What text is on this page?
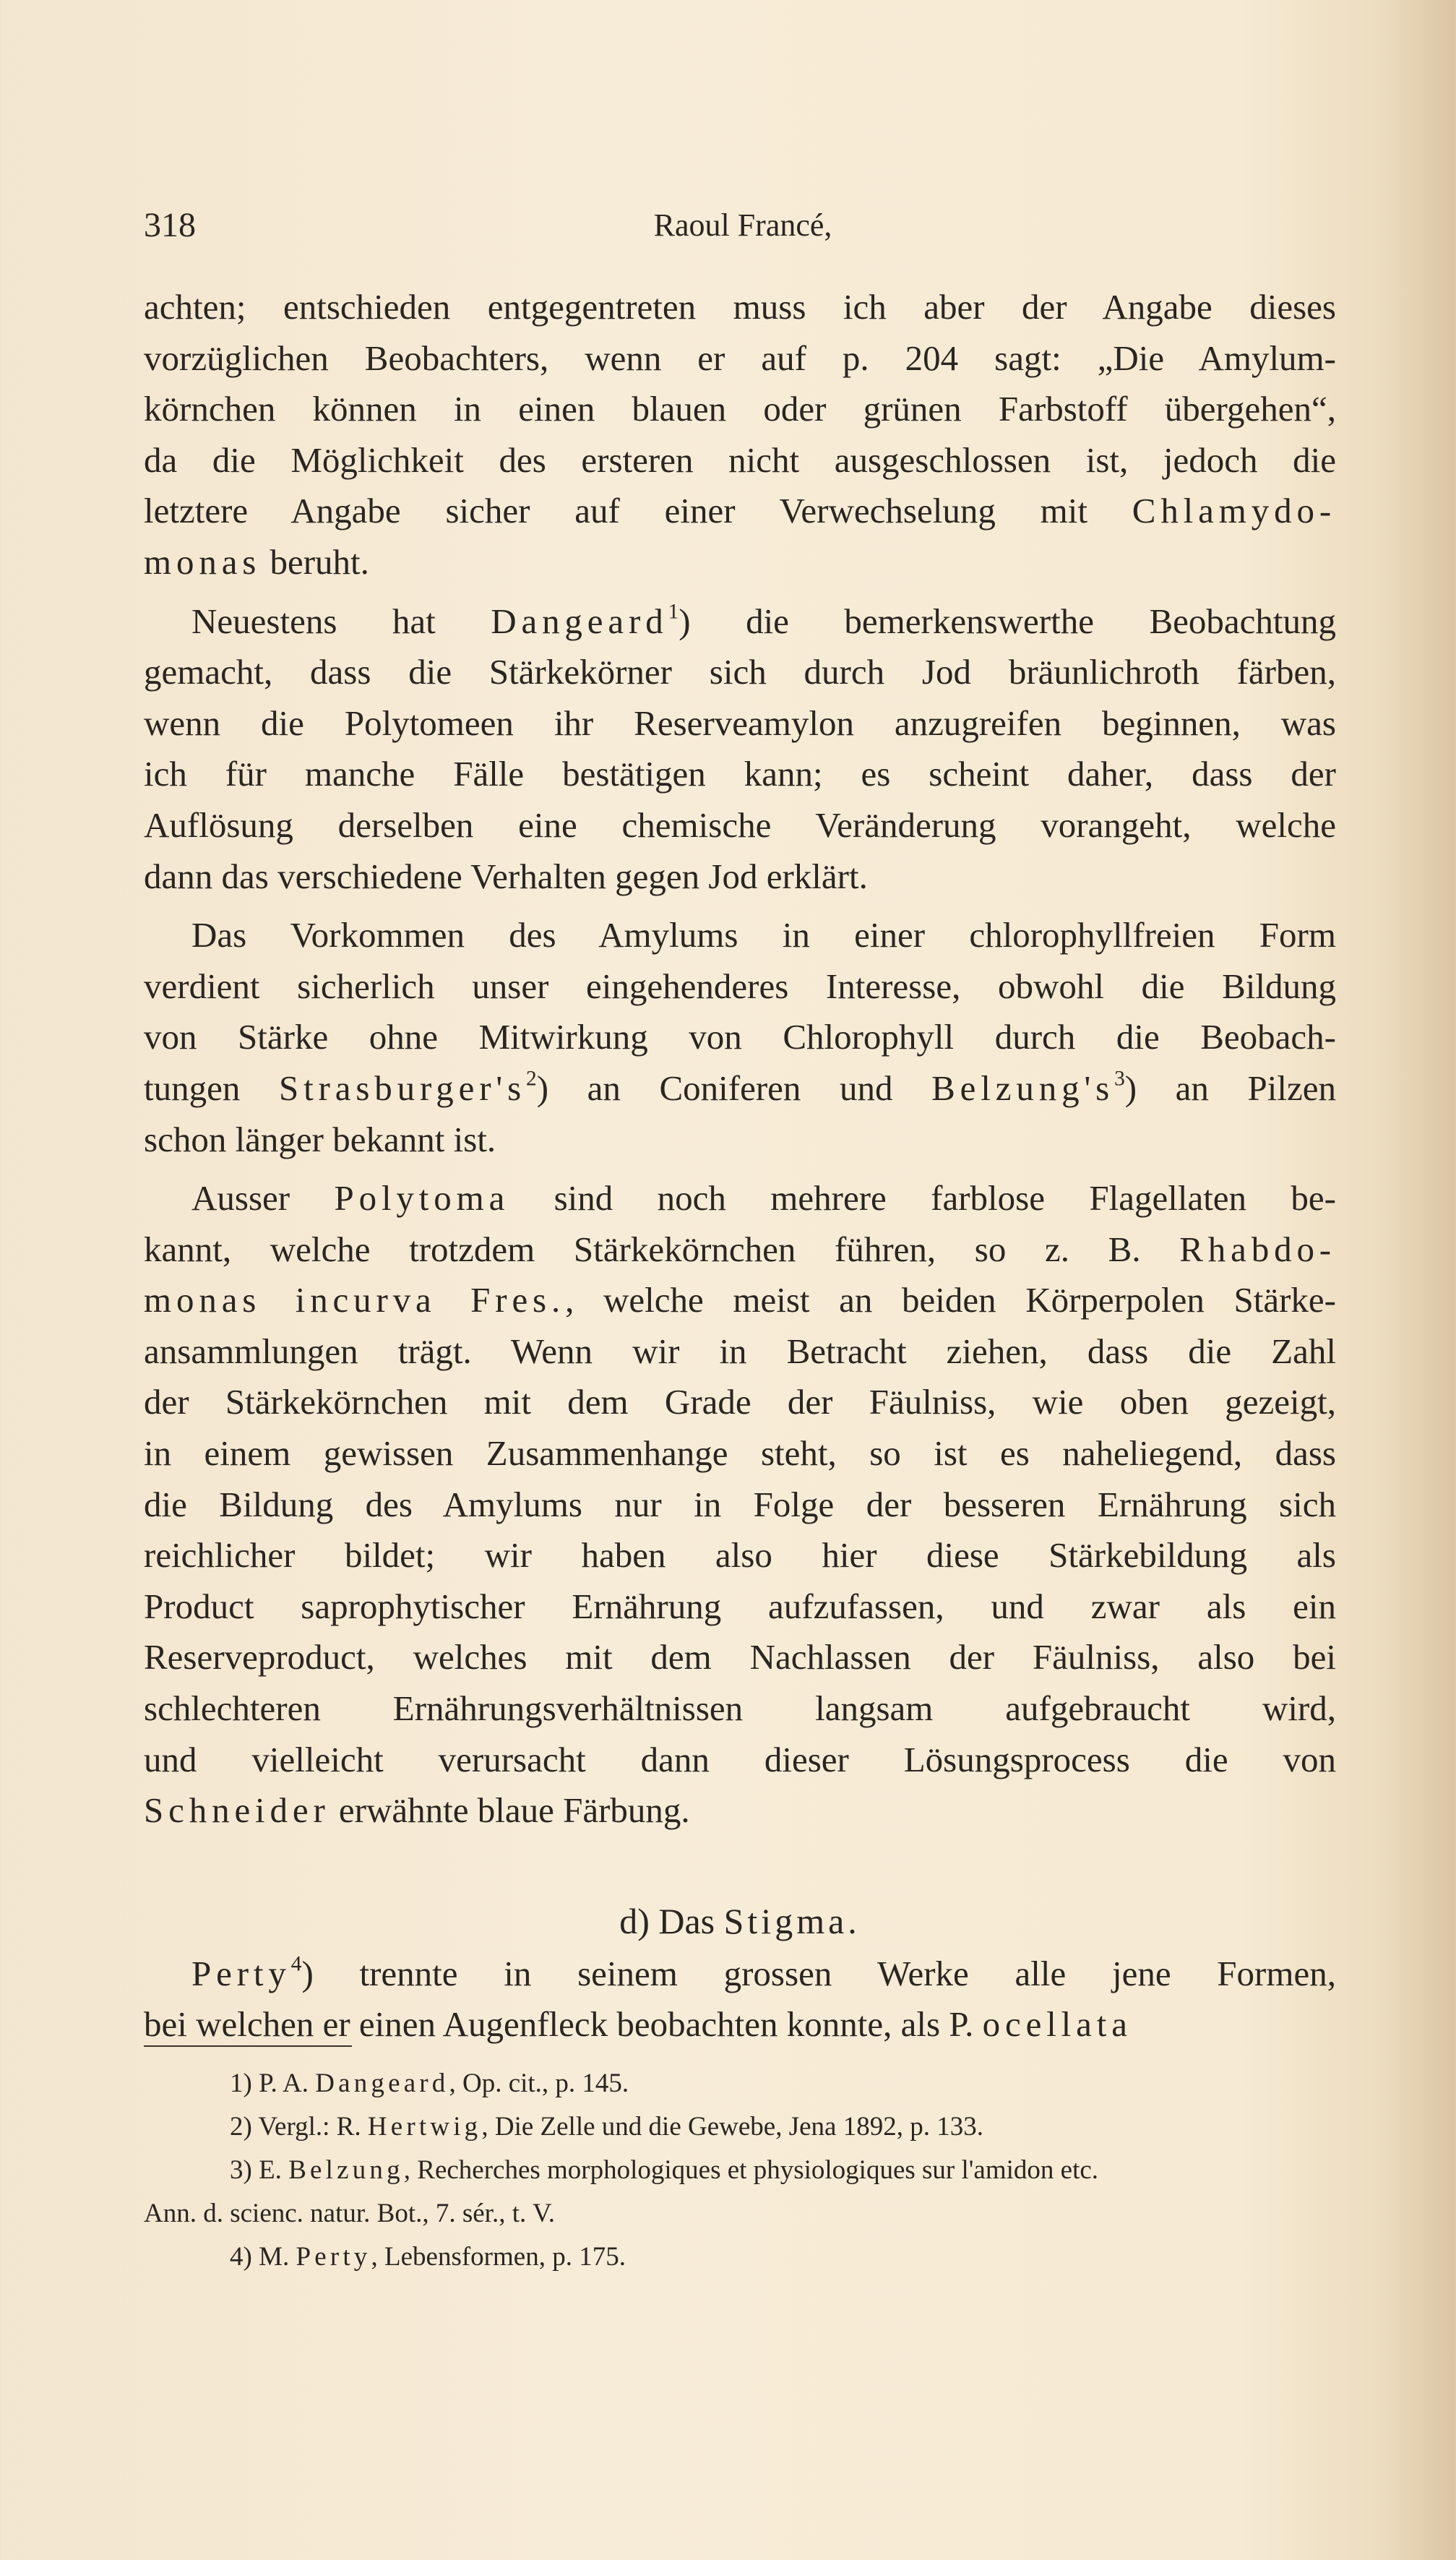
318	Raoul Francé,
achten; entschieden entgegentreten muss ich aber der Angabe dieses
vorzüglichen Beobachters, wenn er auf p. 204 sagt: „Die Amylum-
körnchen können in einen blauen oder grünen Farbstoff übergehen“,
da die Möglichkeit des ersteren nicht ausgeschlossen ist, jedoch die
letztere Angabe sicher auf einer Verwechselung mit Chlamydo-
monas beruht.
Neuestens hat Dangeard$^1$) die bemerkenswerthe Beobachtung
gemacht, dass die Stärkekörner sich durch Jod bräunlichroth färben,
wenn die Polytomeen ihr Reserveamylon anzugreifen beginnen, was
ich für manche Fälle bestätigen kann; es scheint daher, dass der
Auflösung derselben eine chemische Veränderung vorangeht, welche
dann das verschiedene Verhalten gegen Jod erklärt.
Das Vorkommen des Amylums in einer chlorophyllfreien Form
verdient sicherlich unser eingehenderes Interesse, obwohl die Bildung
von Stärke ohne Mitwirkung von Chlorophyll durch die Beobach-
tungen $Strasburger's^2$) an Coniferen und $Belzung's^3$) an Pilzen
schon länger bekannt ist.
Ausser Polytoma sind noch mehrere farblose Flagellaten be-
kannt, welche trotzdem Stärkekörnchen führen, so z. B. Rhabdo-
monas incurva Fres., welche meist an beiden Körperpolen Stärke-
ansammlungen trägt. Wenn wir in Betracht ziehen, dass die Zahl
der Stärkekörnchen mit dem Grade der Fäulniss, wie oben gezeigt,
in einem gewissen Zusammenhange steht, so ist es naheliegend, dass
die Bildung des Amylums nur in Folge der besseren Ernährung sich
reichlicher bildet; wir haben also hier diese Stärkebildung als
Product saprophytischer Ernährung aufzufassen, und zwar als ein
Reserveproduct, welches mit dem Nachlassen der Fäulniss, also bei
schlechteren Ernährungsverhältnissen langsam aufgebraucht wird,
und vielleicht verursacht dann dieser Lösungsprocess die von
Schneider erwähnte blaue Färbung.
d) Das Stigma.
Perty$^4$) trennte in seinem grossen Werke alle jene Formen,
bei welchen er einen Augenfleck beobachten konnte, als P. ocellata
1) P. A. Dangeard, Op. cit., p. 145.
2) Vergl.: R. Hertwig, Die Zelle und die Gewebe, Jena 1892, p. 133.
3) E. Belzung, Recherches morphologiques et physiologiques sur l'amidon etc.
Ann. d. scienc. natur. Bot., 7. sér., t. V.
4) M. Perty, Lebensformen, p. 175.
